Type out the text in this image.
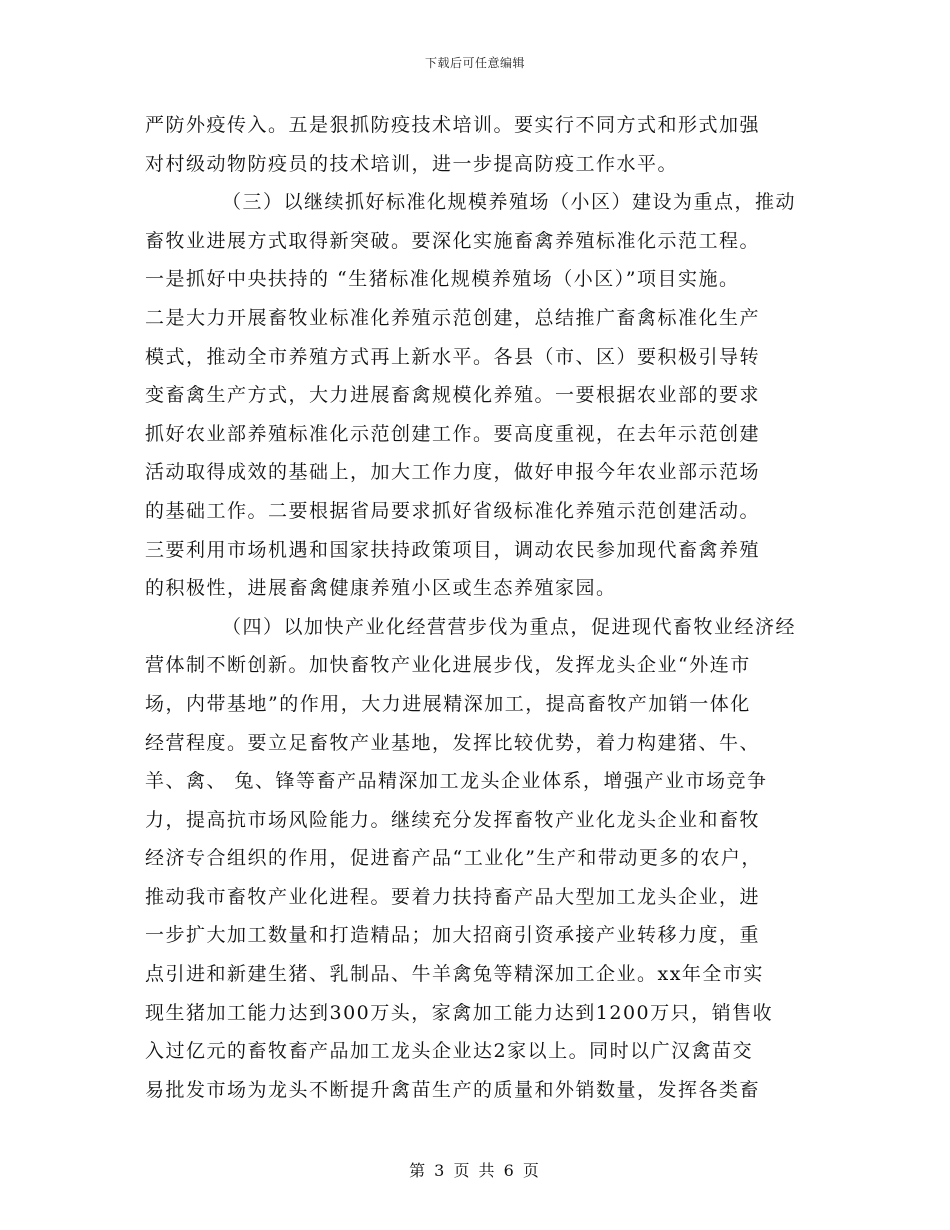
下载后可任意编辑
严防外疫传入。五是狠抓防疫技术培训。要实行不同方式和形式加强
对村级动物防疫员的技术培训，进一步提高防疫工作水平。
（三）以继续抓好标准化规模养殖场（小区）建设为重点，推动
畜牧业进展方式取得新突破。要深化实施畜禽养殖标准化示范工程。
一是抓好中央扶持的 “生猪标准化规模养殖场（小区）”项目实施。
二是大力开展畜牧业标准化养殖示范创建，总结推广畜禽标准化生产
模式，推动全市养殖方式再上新水平。各县（市、区）要积极引导转
变畜禽生产方式，大力进展畜禽规模化养殖。一要根据农业部的要求
抓好农业部养殖标准化示范创建工作。要高度重视，在去年示范创建
活动取得成效的基础上，加大工作力度，做好申报今年农业部示范场
的基础工作。二要根据省局要求抓好省级标准化养殖示范创建活动。
三要利用市场机遇和国家扶持政策项目，调动农民参加现代畜禽养殖
的积极性，进展畜禽健康养殖小区或生态养殖家园。
（四）以加快产业化经营营步伐为重点，促进现代畜牧业经济经
营体制不断创新。加快畜牧产业化进展步伐，发挥龙头企业“外连市
场，内带基地”的作用，大力进展精深加工，提高畜牧产加销一体化
经营程度。要立足畜牧产业基地，发挥比较优势，着力构建猪、牛、
羊、禽、 兔、锋等畜产品精深加工龙头企业体系，增强产业市场竞争
力，提高抗市场风险能力。继续充分发挥畜牧产业化龙头企业和畜牧
经济专合组织的作用，促进畜产品“工业化”生产和带动更多的农户，
推动我市畜牧产业化进程。要着力扶持畜产品大型加工龙头企业，进
一步扩大加工数量和打造精品；加大招商引资承接产业转移力度，重
点引进和新建生猪、乳制品、牛羊禽兔等精深加工企业。xx年全市实
现生猪加工能力达到300万头，家禽加工能力达到1200万只，销售收
入过亿元的畜牧畜产品加工龙头企业达2家以上。同时以广汉禽苗交
易批发市场为龙头不断提升禽苗生产的质量和外销数量，发挥各类畜
第 3 页 共 6 页
